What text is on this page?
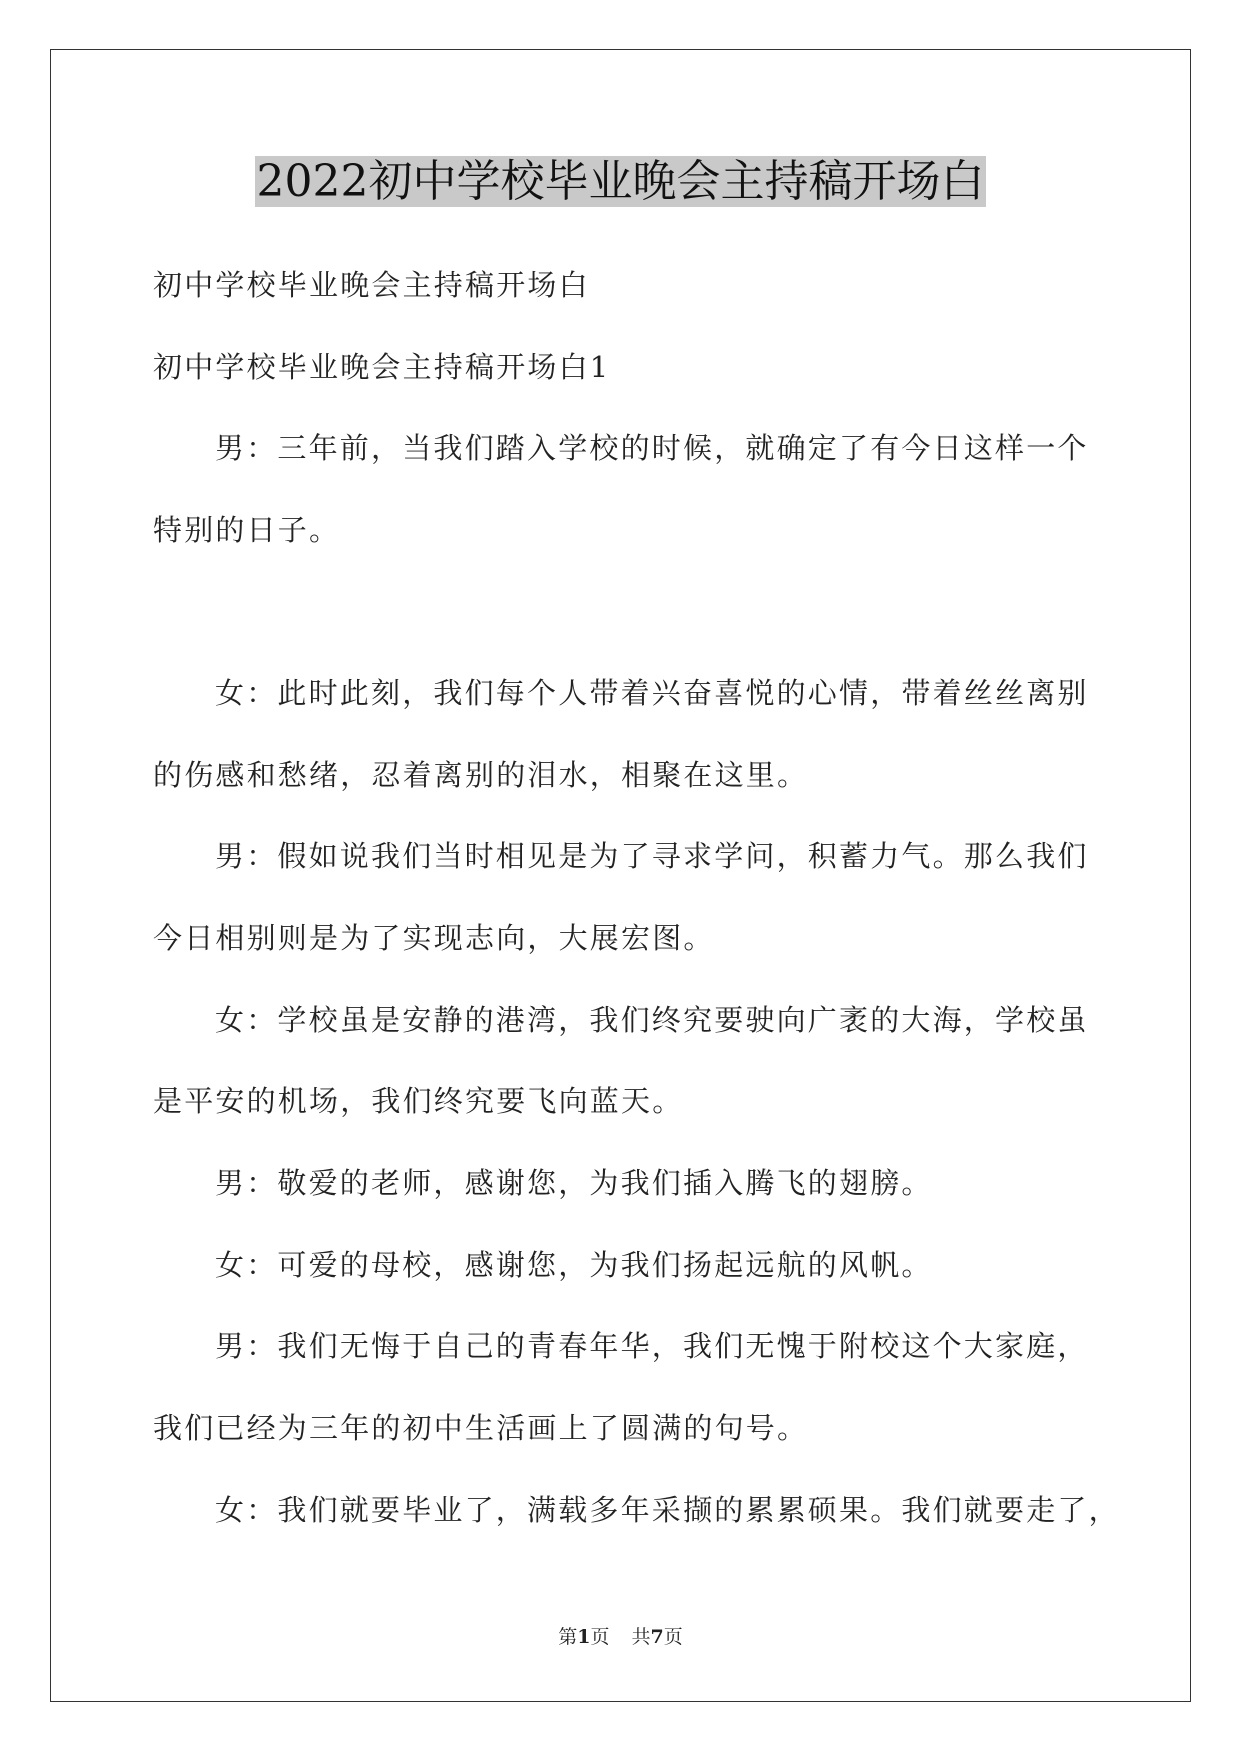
2022初中学校毕业晚会主持稿开场白

初中学校毕业晚会主持稿开场白

初中学校毕业晚会主持稿开场白1

男：三年前，当我们踏入学校的时候，就确定了有今日这样一个

特别的日子。

女：此时此刻，我们每个人带着兴奋喜悦的心情，带着丝丝离别

的伤感和愁绪，忍着离别的泪水，相聚在这里。

男：假如说我们当时相见是为了寻求学问，积蓄力气。那么我们

今日相别则是为了实现志向，大展宏图。

女：学校虽是安静的港湾，我们终究要驶向广袤的大海，学校虽

是平安的机场，我们终究要飞向蓝天。

男：敬爱的老师，感谢您，为我们插入腾飞的翅膀。

女：可爱的母校，感谢您，为我们扬起远航的风帆。

男：我们无悔于自己的青春年华，我们无愧于附校这个大家庭，

我们已经为三年的初中生活画上了圆满的句号。

女：我们就要毕业了，满载多年采撷的累累硕果。我们就要走了，

第1页 共7页
